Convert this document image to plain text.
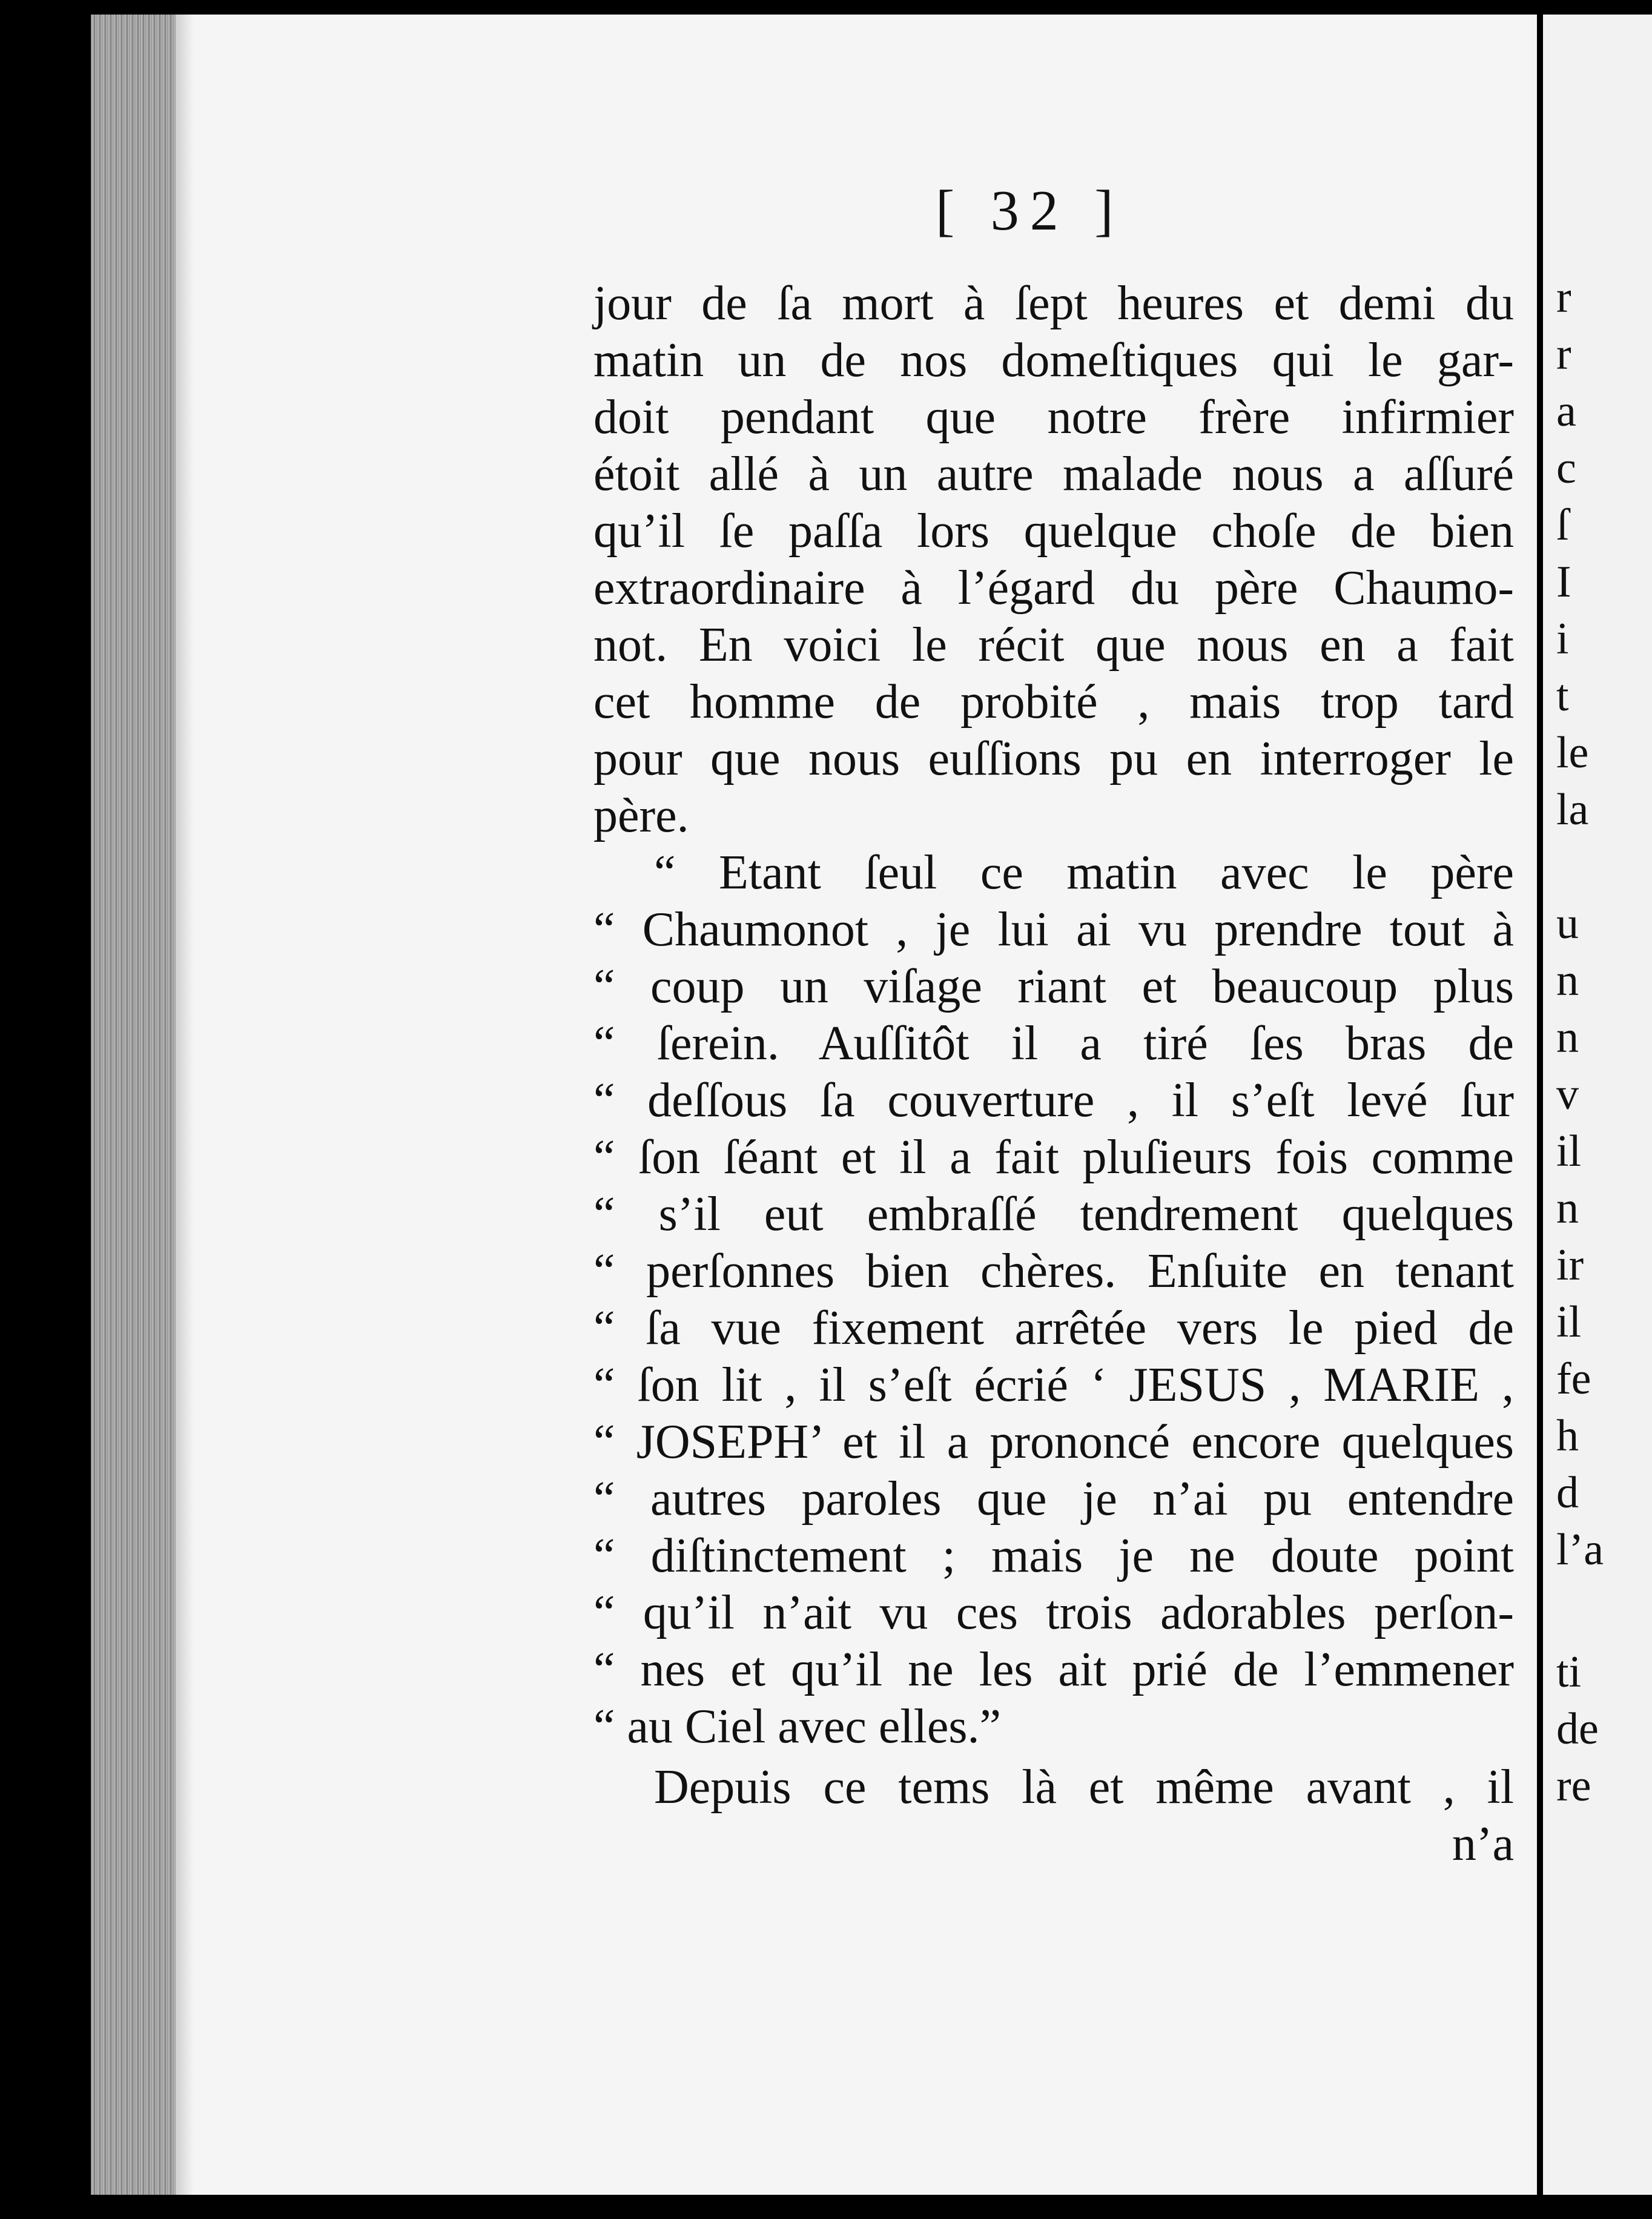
[ 32 ]
jour de ſa mort à ſept heures et demi du
matin un de nos domeſtiques qui le gar-
doit pendant que notre frère infirmier
étoit allé à un autre malade nous a aſſuré
qu’il ſe paſſa lors quelque choſe de bien
extraordinaire à l’égard du père Chaumo-
not. En voici le récit que nous en a fait
cet homme de probité , mais trop tard
pour que nous euſſions pu en interroger le
père.
“ Etant ſeul ce matin avec le père
“ Chaumonot , je lui ai vu prendre tout à
“ coup un viſage riant et beaucoup plus
“ ſerein. Auſſitôt il a tiré ſes bras de
“ deſſous ſa couverture , il s’eſt levé ſur
“ ſon ſéant et il a fait pluſieurs fois comme
“ s’il eut embraſſé tendrement quelques
“ perſonnes bien chères. Enſuite en tenant
“ ſa vue fixement arrêtée vers le pied de
“ ſon lit , il s’eſt écrié ‘ JESUS , MARIE ,
“ JOSEPH’ et il a prononcé encore quelques
“ autres paroles que je n’ai pu entendre
“ diſtinctement ; mais je ne doute point
“ qu’il n’ait vu ces trois adorables perſon-
“ nes et qu’il ne les ait prié de l’emmener
“ au Ciel avec elles.”
Depuis ce tems là et même avant , il
n’a
r
r
a
c
ſ
I
i
t
le
la
u
n
n
v
il
n
ir
il
fe
h
d
l’a
ti
de
re
